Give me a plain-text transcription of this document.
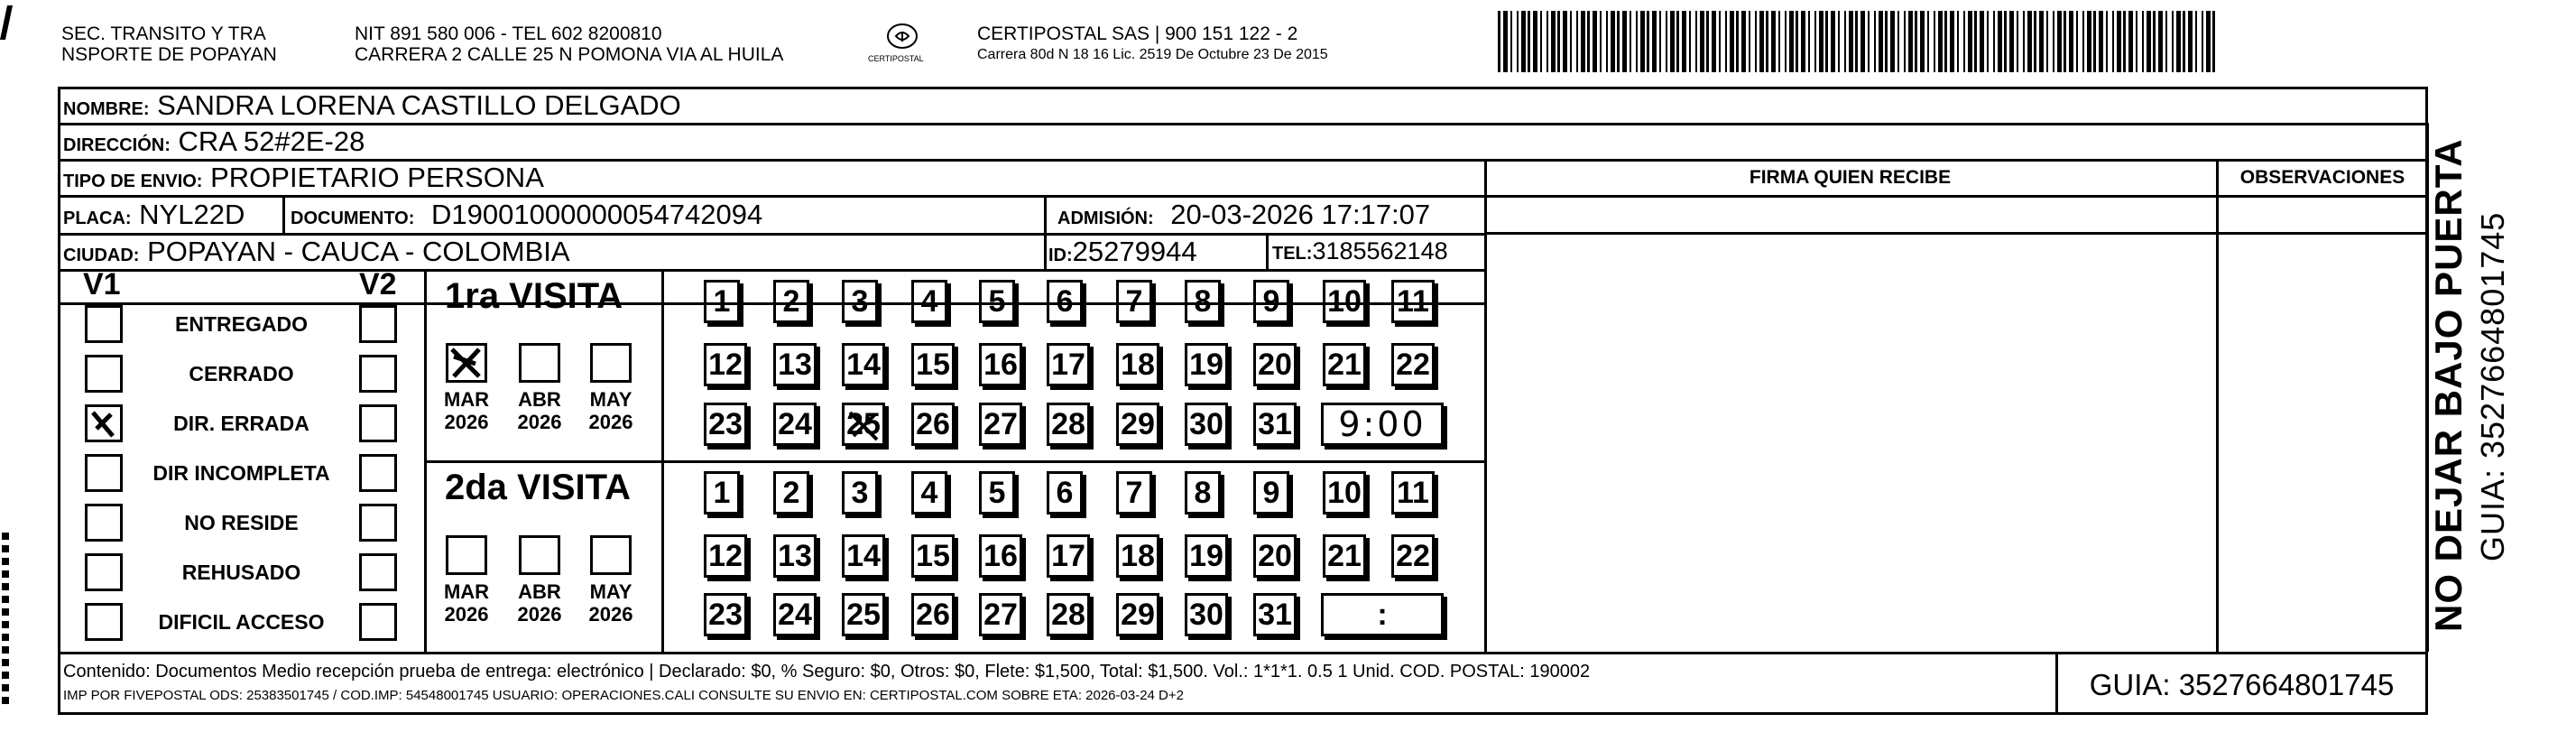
SEC. TRANSITO Y TRA
NSPORTE DE POPAYAN
NIT 891 580 006 - TEL 602 8200810
CARRERA 2 CALLE 25 N POMONA VIA AL HUILA	CERTIPOSTAL
CERTIPOSTAL SAS | 900 151 122 - 2
Carrera 80d N 18 16 Lic. 2519 De Octubre 23 De 2015
NOMBRE: SANDRA LORENA CASTILLO DELGADO
DIRECCIÓN: CRA 52#2E-28
TIPO DE ENVIO: PROPIETARIO PERSONA	FIRMA QUIEN RECIBE	OBSERVACIONES
PLACA: NYL22D	DOCUMENTO: D19001000000054742094	ADMISIÓN: 20-03-2026 17:17:07
CIUDAD: POPAYAN - CAUCA - COLOMBIA	ID:25279944	TEL:3185562148
V1	V2
ENTREGADO
CERRADO
DIR. ERRADA
DIR INCOMPLETA
NO RESIDE
REHUSADO
DIFICIL ACCESO
1ra VISITA
2da VISITA
MAR
2026
ABR
2026
MAY
2026
MAR
2026
ABR
2026
MAY
2026
1	2	3	4	5	6	7	8	9	10 11
12 13 14 15 16 17 18 19 20 21 22
23 24 25 26 27 28 29 30 31
1	2	3	4	5	6	7	8	9	10 11
12 13 14 15 16 17 18 19 20 21 22
23 24 25 26 27 28 29 30 31
9:00
:
Contenido: Documentos Medio recepción prueba de entrega: electrónico | Declarado: $0, % Seguro: $0, Otros: $0, Flete: $1,500, Total: $1,500. Vol.: 1*1*1. 0.5 1 Unid. COD. POSTAL: 190002
IMP POR FIVEPOSTAL ODS: 25383501745 / COD.IMP: 54548001745 USUARIO: OPERACIONES.CALI CONSULTE SU ENVIO EN: CERTIPOSTAL.COM SOBRE ETA: 2026-03-24 D+2	GUIA: 3527664801745
NO DEJAR BAJO PUERTA GUIA: 3527664801745
